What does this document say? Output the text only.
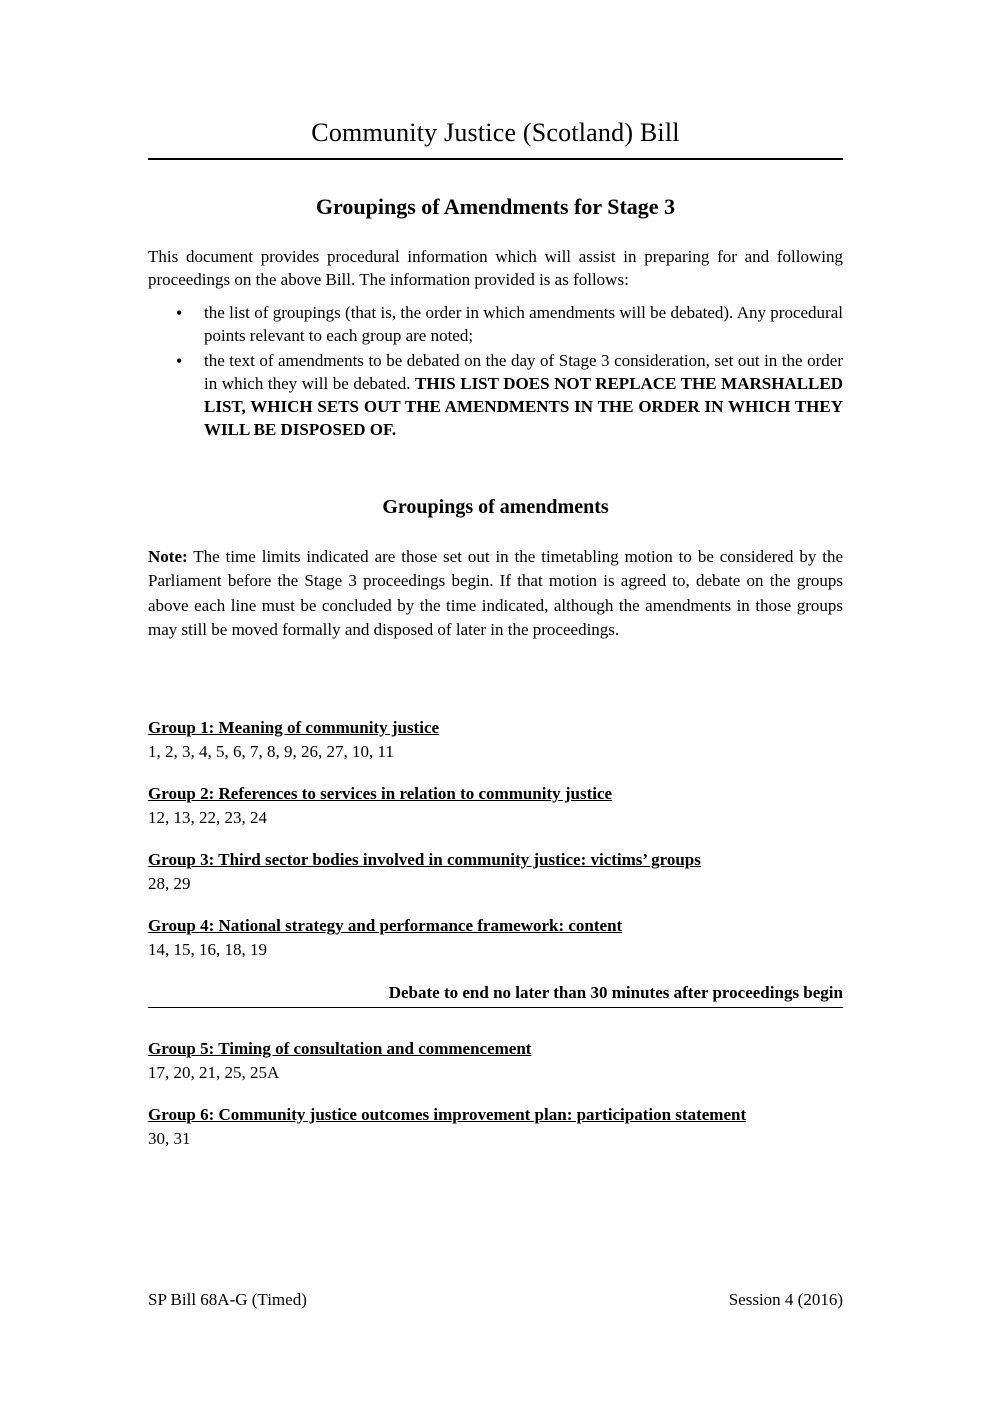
Community Justice (Scotland) Bill
Groupings of Amendments for Stage 3

This document provides procedural information which will assist in preparing for and following proceedings on the above Bill. The information provided is as follows:

• the list of groupings (that is, the order in which amendments will be debated). Any procedural points relevant to each group are noted;
• the text of amendments to be debated on the day of Stage 3 consideration, set out in the order in which they will be debated. THIS LIST DOES NOT REPLACE THE MARSHALLED LIST, WHICH SETS OUT THE AMENDMENTS IN THE ORDER IN WHICH THEY WILL BE DISPOSED OF.
Groupings of amendments

Note: The time limits indicated are those set out in the timetabling motion to be considered by the Parliament before the Stage 3 proceedings begin. If that motion is agreed to, debate on the groups above each line must be concluded by the time indicated, although the amendments in those groups may still be moved formally and disposed of later in the proceedings.

Group 1: Meaning of community justice
1, 2, 3, 4, 5, 6, 7, 8, 9, 26, 27, 10, 11
Group 2: References to services in relation to community justice
12, 13, 22, 23, 24
Group 3: Third sector bodies involved in community justice: victims’ groups
28, 29
Group 4: National strategy and performance framework: content
14, 15, 16, 18, 19
Debate to end no later than 30 minutes after proceedings begin
Group 5: Timing of consultation and commencement
17, 20, 21, 25, 25A
Group 6: Community justice outcomes improvement plan: participation statement
30, 31
SP Bill 68A-G (Timed)	Session 4 (2016)
